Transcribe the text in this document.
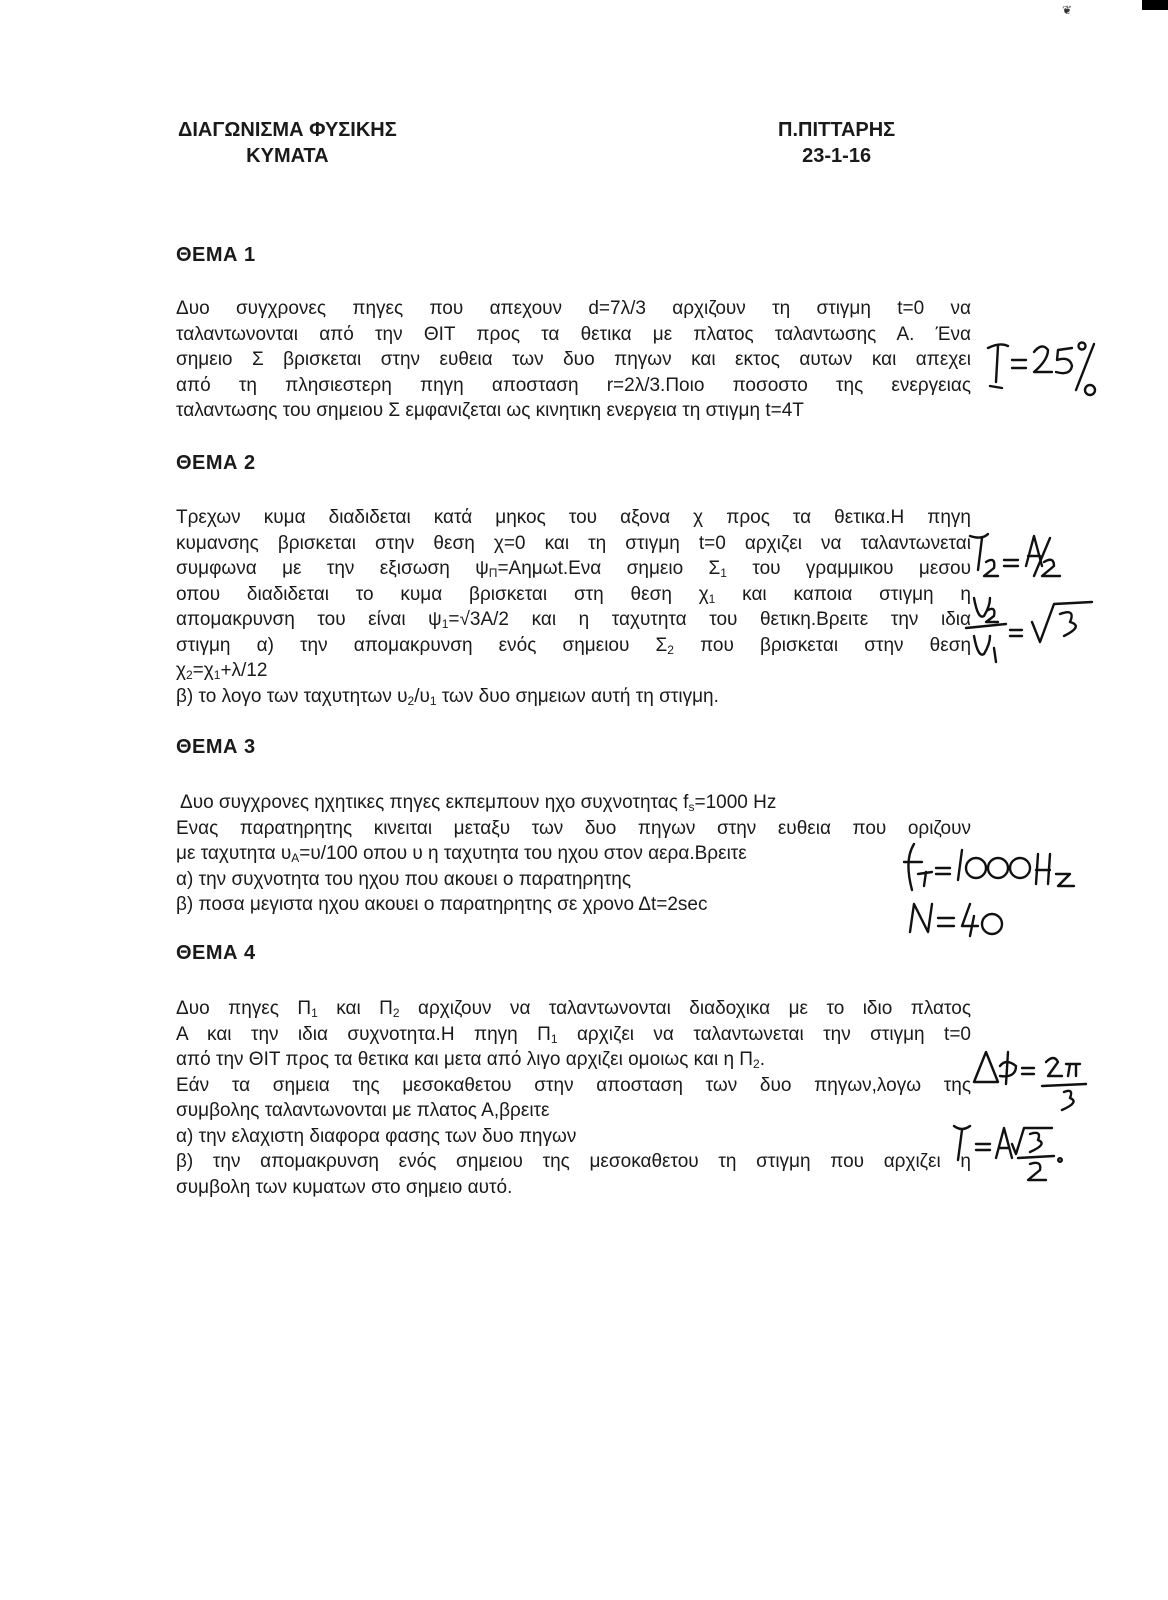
❦
ΔΙΑΓΩΝΙΣΜΑ ΦΥΣΙΚΗΣ
ΚΥΜΑΤΑ
Π.ΠΙΤΤΑΡΗΣ
23-1-16
ΘΕΜΑ 1

Δυο συγχρονες πηγες που απεχουν d=7λ/3 αρχιζουν τη στιγμη t=0 να
ταλαντωνονται από την ΘΙΤ προς τα θετικα με πλατος ταλαντωσης Α. Ένα
σημειο Σ βρισκεται στην ευθεια των δυο πηγων και εκτος αυτων και απεχει
από τη πλησιεστερη πηγη αποσταση r=2λ/3.Ποιο ποσοστο της ενεργειας
ταλαντωσης του σημειου Σ εμφανιζεται ως κινητικη ενεργεια τη στιγμη t=4T

ΘΕΜΑ 2

Τρεχων κυμα διαδιδεται κατά μηκος του αξονα χ προς τα θετικα.Η πηγη
κυμανσης βρισκεται στην θεση χ=0 και τη στιγμη t=0 αρχιζει να ταλαντωνεται
συμφωνα με την εξισωση $\psi_\Pi=A\eta\mu\omega t.E\nu\alpha$ σημειο $\Sigma_1$ του γραμμικου μεσου
οπου διαδιδεται το κυμα βρισκεται στη θεση $\chi_1$ και καποια στιγμη η
απομακρυνση του είναι $\psi_1=√3A/2$ και η ταχυτητα του θετικη.Βρειτε την ιδια
στιγμη α) την απομακρυνση ενός σημειου $\Sigma_2$ που βρισκεται στην θεση
$\chi_2=\chi_1+\lambda/12$
β) το λογο των ταχυτητων $\upsilon_2/\upsilon_1$ των δυο σημειων αυτή τη στιγμη.

ΘΕΜΑ 3

Δυο συγχρονες ηχητικες πηγες εκπεμπουν ηχο συχνοτητας $f_s=1000$ Hz
Ενας παρατηρητης κινειται μεταξυ των δυο πηγων στην ευθεια που οριζουν
με ταχυτητα $\upsilon_A=\upsilon/100$ οπου υ η ταχυτητα του ηχου στον αερα.Βρειτε
α) την συχνοτητα του ηχου που ακουει ο παρατηρητης
β) ποσα μεγιστα ηχου ακουει ο παρατηρητης σε χρονο Δt=2sec

ΘΕΜΑ 4

Δυο πηγες $\Pi_1$ και $\Pi_2$ αρχιζουν να ταλαντωνονται διαδοχικα με το ιδιο πλατος
Α και την ιδια συχνοτητα.Η πηγη $\Pi_1$ αρχιζει να ταλαντωνεται την στιγμη t=0
από την ΘΙΤ προς τα θετικα και μετα από λιγο αρχιζει ομοιως και η $\Pi_2$.
Εάν τα σημεια της μεσοκαθετου στην αποσταση των δυο πηγων,λογω της
συμβολης ταλαντωνονται με πλατος Α,βρειτε
α) την ελαχιστη διαφορα φασης των δυο πηγων
β) την απομακρυνση ενός σημειου της μεσοκαθετου τη στιγμη που αρχιζει η
συμβολη των κυματων στο σημειο αυτό.
